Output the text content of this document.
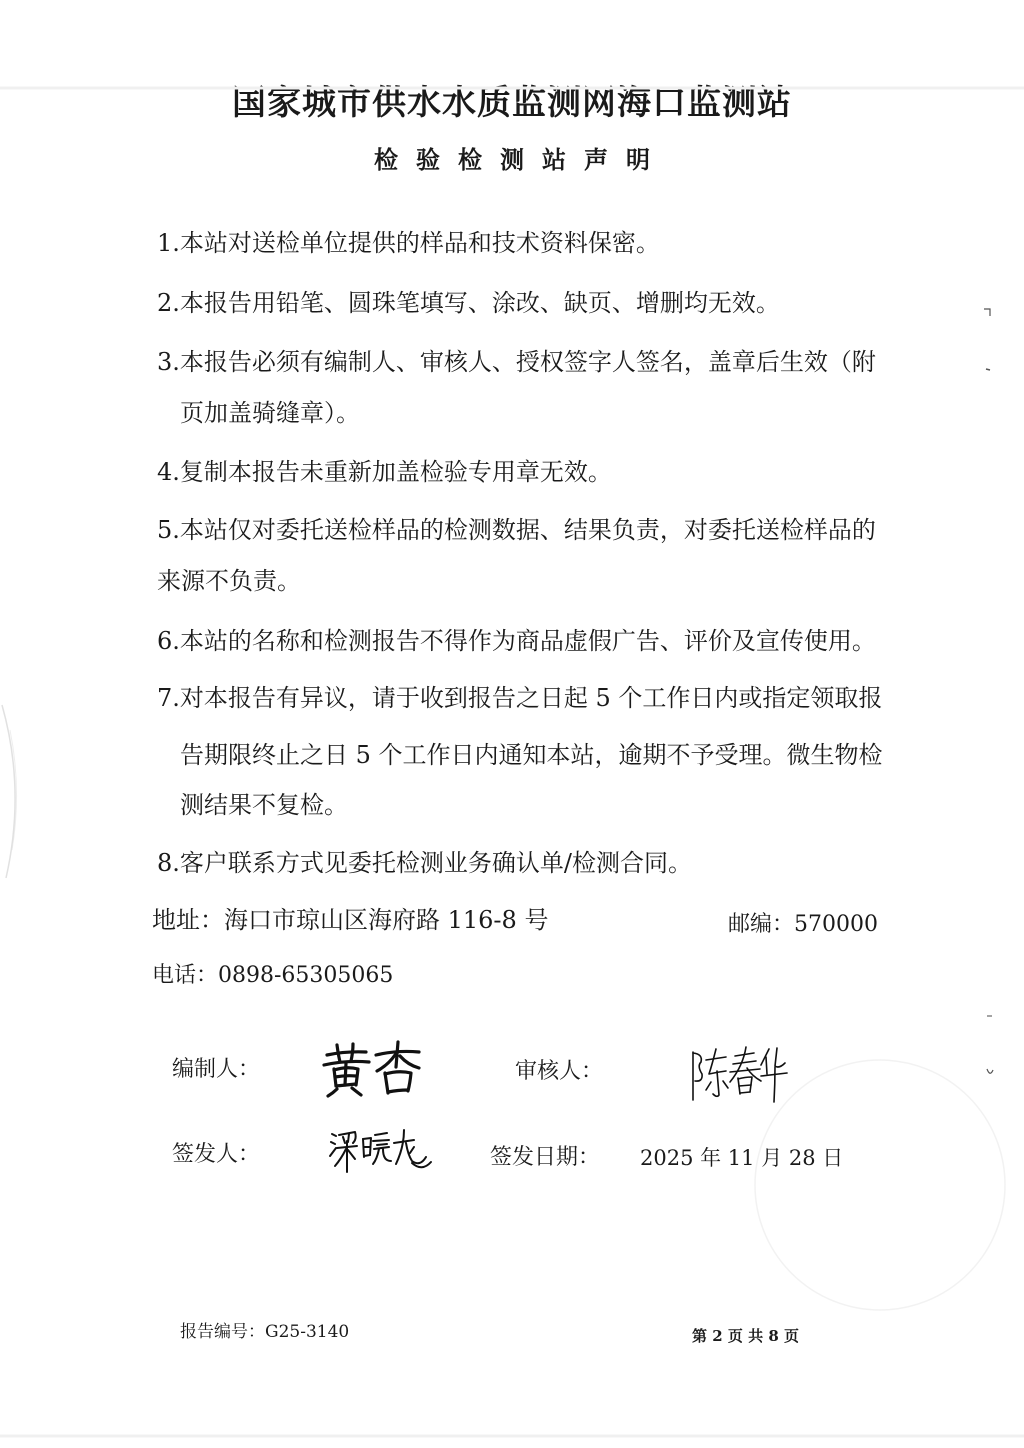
国家城市供水水质监测网海口监测站
检验检测站声明
1.本站对送检单位提供的样品和技术资料保密。
2.本报告用铅笔、圆珠笔填写、涂改、缺页、增删均无效。
3.本报告必须有编制人、审核人、授权签字人签名，盖章后生效（附
页加盖骑缝章）。
4.复制本报告未重新加盖检验专用章无效。
5.本站仅对委托送检样品的检测数据、结果负责，对委托送检样品的
来源不负责。
6.本站的名称和检测报告不得作为商品虚假广告、评价及宣传使用。
7.对本报告有异议，请于收到报告之日起 5 个工作日内或指定领取报
告期限终止之日 5 个工作日内通知本站，逾期不予受理。微生物检
测结果不复检。
8.客户联系方式见委托检测业务确认单/检测合同。
地址：海口市琼山区海府路 116-8 号	邮编：570000
电话：0898-65305065
编制人：	审核人：
签发人：	签发日期： 2025 年 11 月 28 日
报告编号：G25-3140	第 2 页 共 8 页
